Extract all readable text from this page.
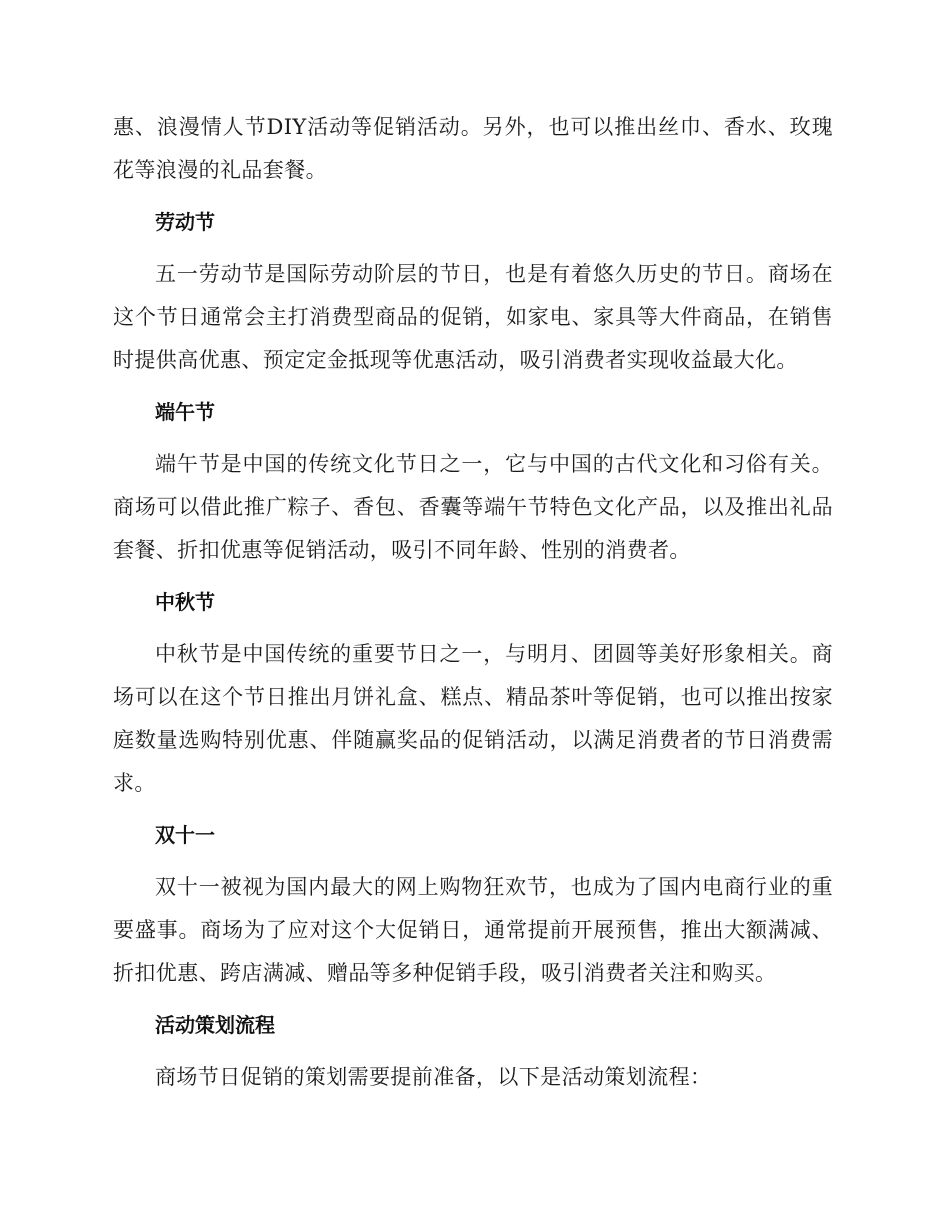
惠、浪漫情人节DIY活动等促销活动。另外，也可以推出丝巾、香水、玫瑰花等浪漫的礼品套餐。

劳动节

五一劳动节是国际劳动阶层的节日，也是有着悠久历史的节日。商场在这个节日通常会主打消费型商品的促销，如家电、家具等大件商品，在销售时提供高优惠、预定定金抵现等优惠活动，吸引消费者实现收益最大化。

端午节

端午节是中国的传统文化节日之一，它与中国的古代文化和习俗有关。商场可以借此推广粽子、香包、香囊等端午节特色文化产品，以及推出礼品套餐、折扣优惠等促销活动，吸引不同年龄、性别的消费者。

中秋节

中秋节是中国传统的重要节日之一，与明月、团圆等美好形象相关。商场可以在这个节日推出月饼礼盒、糕点、精品茶叶等促销，也可以推出按家庭数量选购特别优惠、伴随赢奖品的促销活动，以满足消费者的节日消费需求。

双十一

双十一被视为国内最大的网上购物狂欢节，也成为了国内电商行业的重要盛事。商场为了应对这个大促销日，通常提前开展预售，推出大额满减、折扣优惠、跨店满减、赠品等多种促销手段，吸引消费者关注和购买。

活动策划流程

商场节日促销的策划需要提前准备，以下是活动策划流程：
